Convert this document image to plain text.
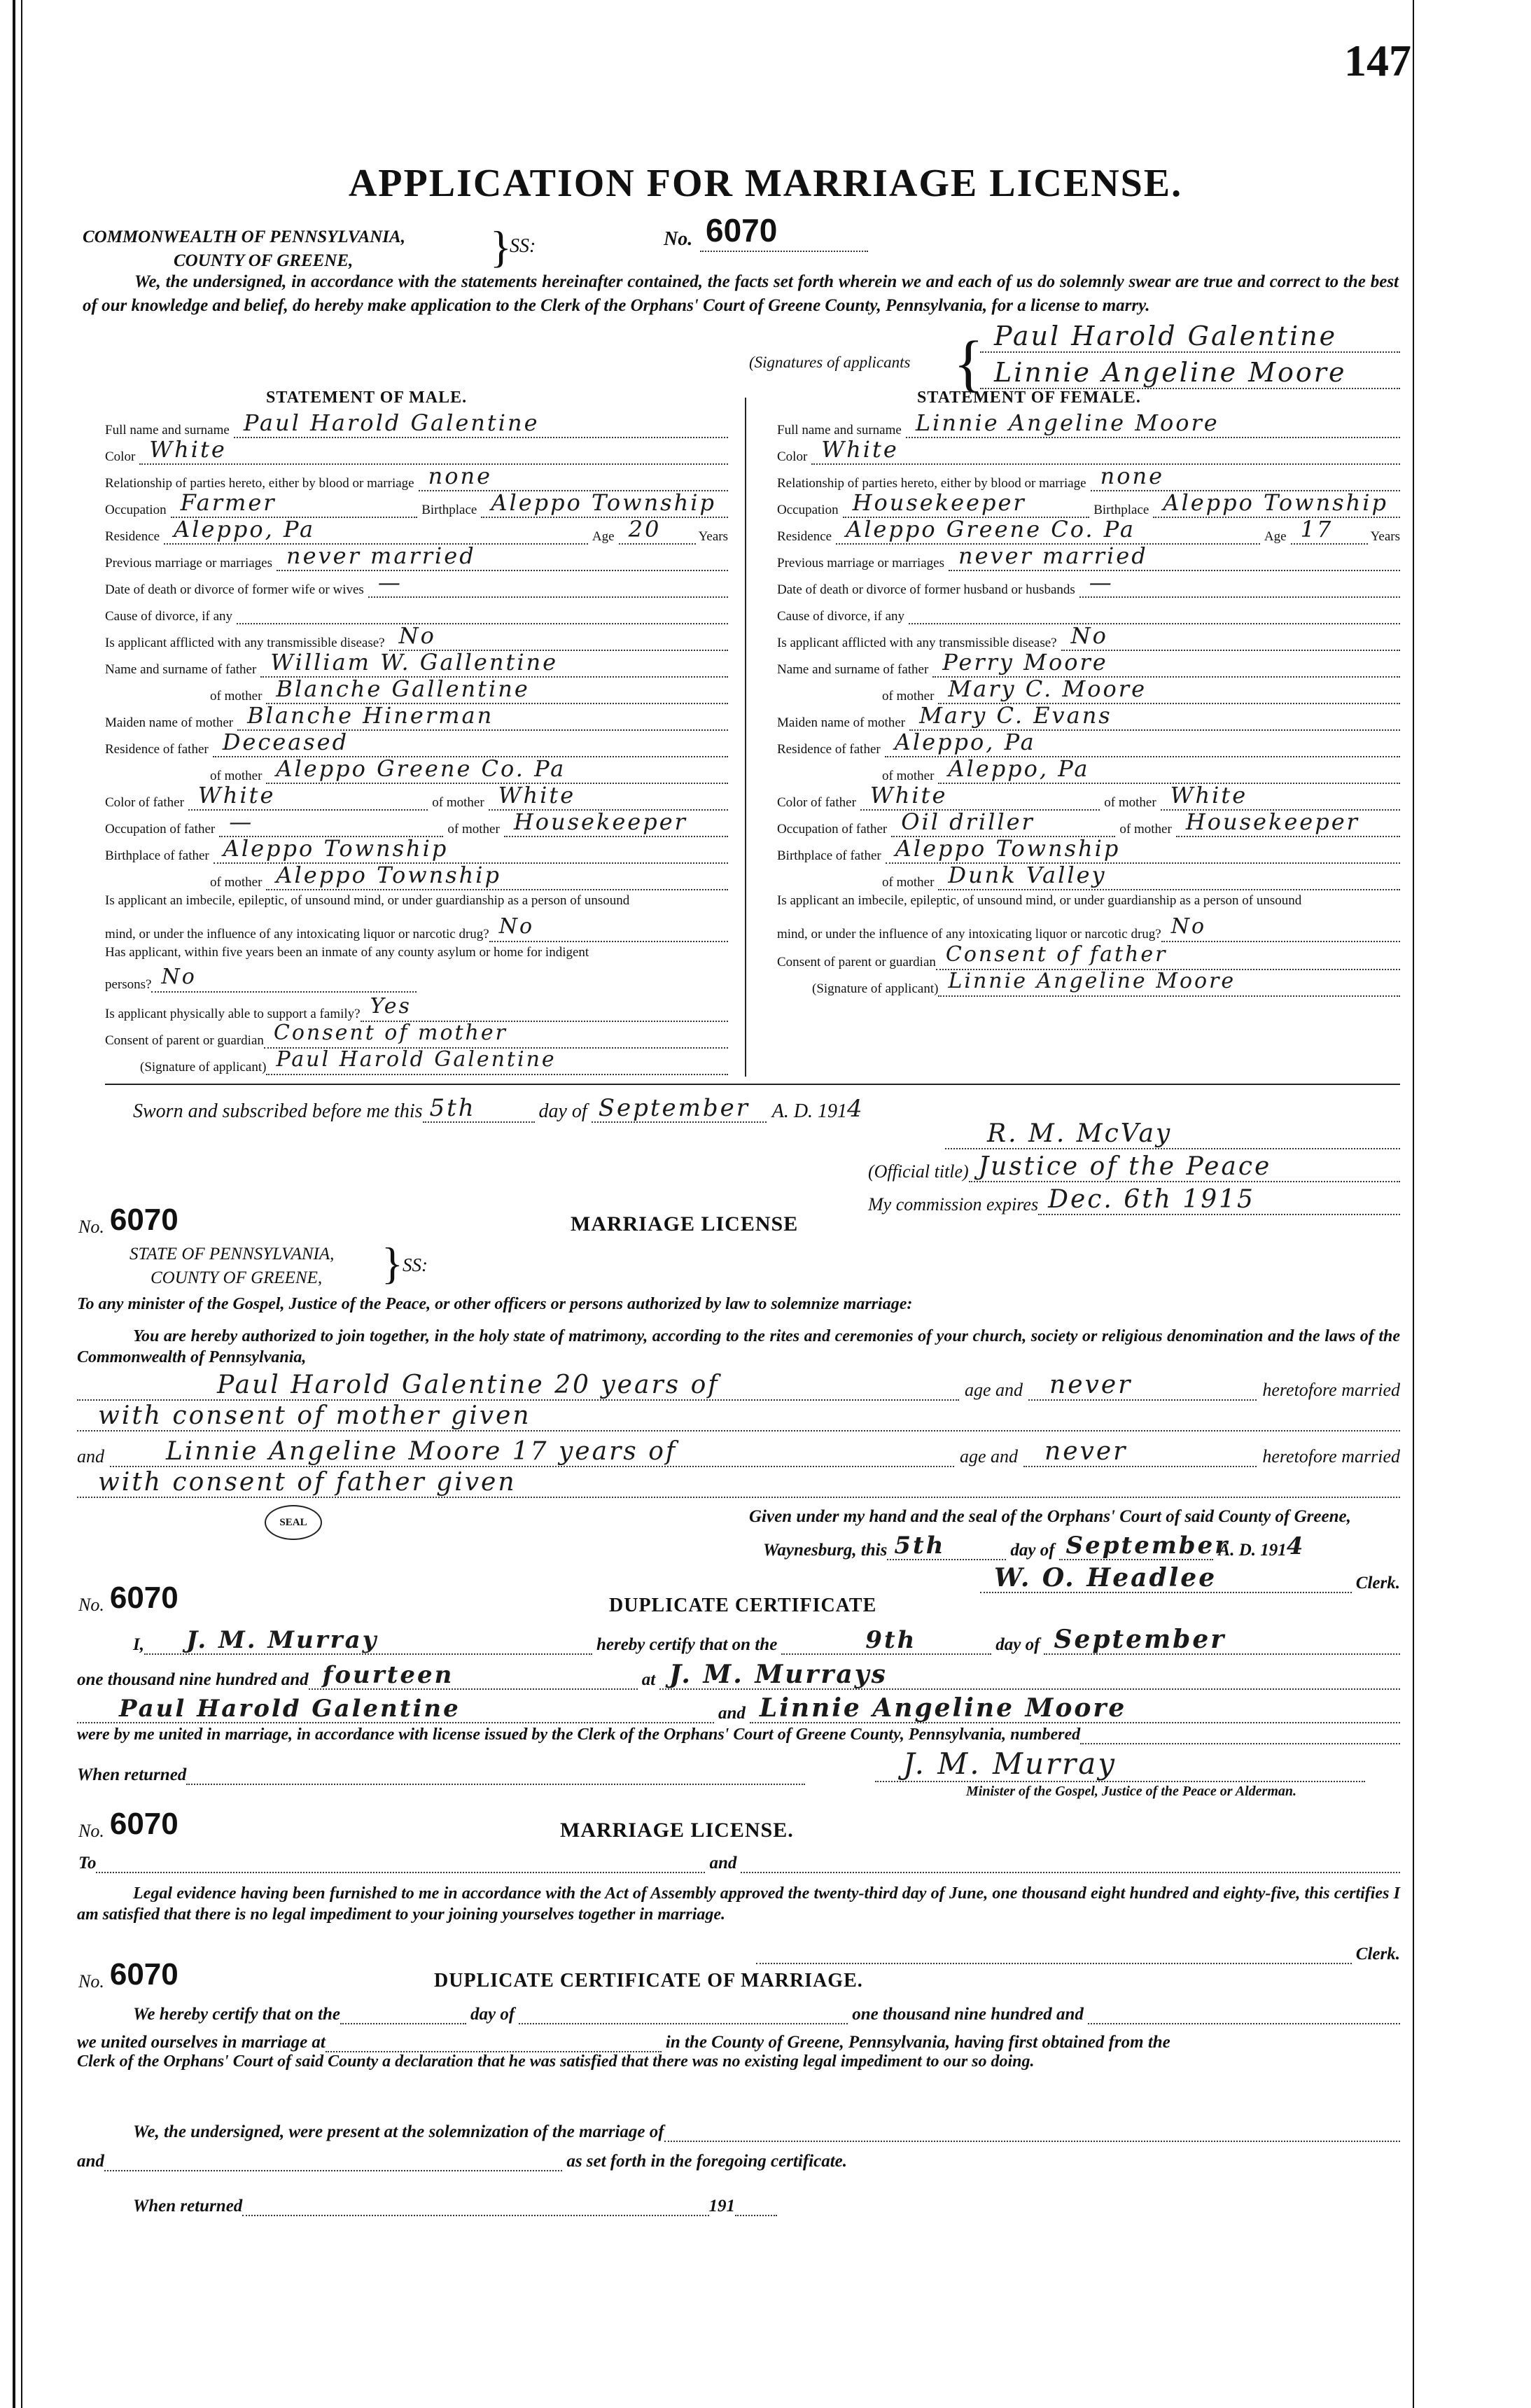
147
APPLICATION FOR MARRIAGE LICENSE.
COMMONWEALTH OF PENNSYLVANIA,
COUNTY OF GREENE,	}
SS:	No. 6070
We, the undersigned, in accordance with the statements hereinafter contained, the facts set forth wherein we and each of us do solemnly swear are true and correct to the best of our knowledge and belief, do hereby make application to the Clerk of the Orphans' Court of Greene County, Pennsylvania, for a license to marry.
(Signatures of applicants { Paul Harold Galentine
Linnie Angeline Moore
STATEMENT OF MALE.
Full name and surname Paul Harold Galentine
Color White
Relationship of parties hereto, either by blood or marriage none
Occupation Farmer	Birthplace Aleppo Township
Residence Aleppo, Pa	Age 20	Years
Previous marriage or marriages never married
Date of death or divorce of former wife or wives —
Cause of divorce, if any
Is applicant afflicted with any transmissible disease? No
Name and surname of father William W. Gallentine
of mother Blanche Gallentine
Maiden name of mother Blanche Hinerman
Residence of father Deceased
of mother Aleppo Greene Co. Pa
Color of father White	of mother White
Occupation of father —	of mother Housekeeper
Birthplace of father Aleppo Township
of mother Aleppo Township
Is applicant an imbecile, epileptic, of unsound mind, or under guardianship as a person of unsound
mind, or under the influence of any intoxicating liquor or narcotic drug? No
Has applicant, within five years been an inmate of any county asylum or home for indigent
persons? No
Is applicant physically able to support a family? Yes
Consent of parent or guardian Consent of mother
(Signature of applicant) Paul Harold Galentine
STATEMENT OF FEMALE.
Full name and surname Linnie Angeline Moore
Color White
Relationship of parties hereto, either by blood or marriage none
Occupation Housekeeper	Birthplace Aleppo Township
Residence Aleppo Greene Co. Pa	Age 17	Years
Previous marriage or marriages never married
Date of death or divorce of former husband or husbands —
Cause of divorce, if any
Is applicant afflicted with any transmissible disease? No
Name and surname of father Perry Moore
of mother Mary C. Moore
Maiden name of mother Mary C. Evans
Residence of father Aleppo, Pa
of mother Aleppo, Pa
Color of father White	of mother White
Occupation of father Oil driller	of mother Housekeeper
Birthplace of father Aleppo Township
of mother Dunk Valley
Is applicant an imbecile, epileptic, of unsound mind, or under guardianship as a person of unsound
mind, or under the influence of any intoxicating liquor or narcotic drug? No
Consent of parent or guardian Consent of father
(Signature of applicant) Linnie Angeline Moore
Sworn and subscribed before me this 5th	day of September A. D. 191 4
R. M. McVay
(Official title) Justice of the Peace
My commission expires Dec. 6th 1915
No. 6070	MARRIAGE LICENSE
STATE OF PENNSYLVANIA,
COUNTY OF GREENE, } SS:
To any minister of the Gospel, Justice of the Peace, or other officers or persons authorized by law to solemnize marriage:
You are hereby authorized to join together, in the holy state of matrimony, according to the rites and ceremonies of your church, society or religious denomination and the laws of the Commonwealth of Pennsylvania,
Paul Harold Galentine 20 years of	age and never	heretofore married
with consent of mother given
and Linnie Angeline Moore 17 years of	age and never	heretofore married
with consent of father given
SEAL	Given under my hand and the seal of the Orphans' Court of said County of Greene,
Waynesburg, this 5th	day of September
A. D. 191 4
W. O. Headlee	Clerk.
No. 6070	DUPLICATE CERTIFICATE
I, J. M. Murray	hereby certify that on the	9th	day of September
one thousand nine hundred and fourteen	at J. M. Murrays
Paul Harold Galentine	and Linnie Angeline Moore
were by me united in marriage, in accordance with license issued by the Clerk of the Orphans' Court of Greene County, Pennsylvania, numbered
When returned	J. M. Murray
Minister of the Gospel, Justice of the Peace or Alderman.
No. 6070	MARRIAGE LICENSE.
To	and
Legal evidence having been furnished to me in accordance with the Act of Assembly approved the twenty-third day of June, one thousand eight hundred and eighty-five, this certifies I am satisfied that there is no legal impediment to your joining yourselves together in marriage.
Clerk.
No. 6070	DUPLICATE CERTIFICATE OF MARRIAGE.
We hereby certify that on the	day of	one thousand nine hundred and
we united ourselves in marriage at	in the County of Greene, Pennsylvania, having first obtained from the
Clerk of the Orphans' Court of said County a declaration that he was satisfied that there was no existing legal impediment to our so doing.
We, the undersigned, were present at the solemnization of the marriage of
and	as set forth in the foregoing certificate.
When returned	191
